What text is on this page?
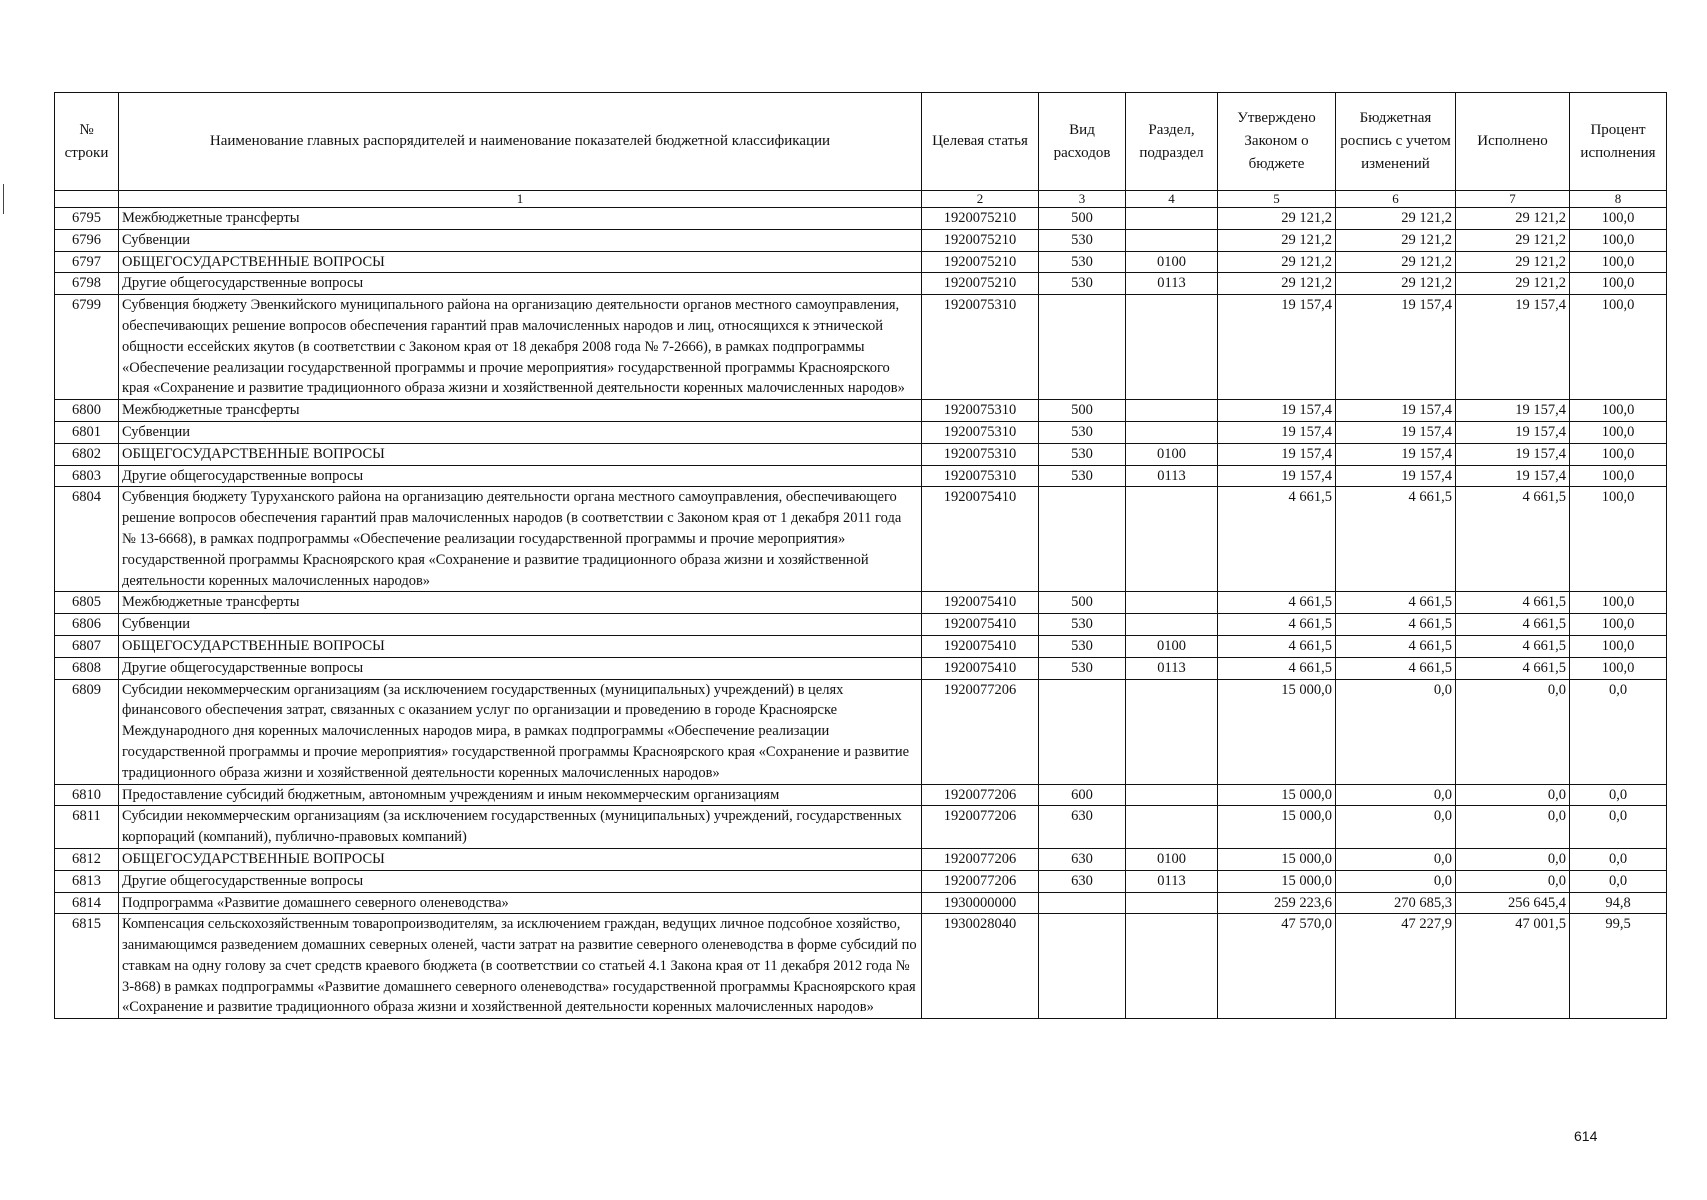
№ строки	Наименование главных распорядителей и наименование показателей бюджетной классификации	Целевая статья	Вид расходов	Раздел, подраздел	Утверждено Законом о бюджете	Бюджетная роспись с учетом изменений	Исполнено	Процент исполнения
	1	2	3	4	5	6	7	8
6795	Межбюджетные трансферты	1920075210	500		29 121,2	29 121,2	29 121,2	100,0
6796	Субвенции	1920075210	530		29 121,2	29 121,2	29 121,2	100,0
6797	ОБЩЕГОСУДАРСТВЕННЫЕ ВОПРОСЫ	1920075210	530	0100	29 121,2	29 121,2	29 121,2	100,0
6798	Другие общегосударственные вопросы	1920075210	530	0113	29 121,2	29 121,2	29 121,2	100,0
6799	Субвенция бюджету Эвенкийского муниципального района на организацию деятельности органов местного самоуправления, обеспечивающих решение вопросов обеспечения гарантий прав малочисленных народов и лиц, относящихся к этнической общности ессейских якутов (в соответствии с Законом края от 18 декабря 2008 года № 7-2666), в рамках подпрограммы «Обеспечение реализации государственной программы и прочие мероприятия» государственной программы Красноярского края «Сохранение и развитие традиционного образа жизни и хозяйственной деятельности коренных малочисленных народов»	1920075310			19 157,4	19 157,4	19 157,4	100,0
6800	Межбюджетные трансферты	1920075310	500		19 157,4	19 157,4	19 157,4	100,0
6801	Субвенции	1920075310	530		19 157,4	19 157,4	19 157,4	100,0
6802	ОБЩЕГОСУДАРСТВЕННЫЕ ВОПРОСЫ	1920075310	530	0100	19 157,4	19 157,4	19 157,4	100,0
6803	Другие общегосударственные вопросы	1920075310	530	0113	19 157,4	19 157,4	19 157,4	100,0
6804	Субвенция бюджету Туруханского района на организацию деятельности органа местного самоуправления, обеспечивающего решение вопросов обеспечения гарантий прав малочисленных народов (в соответствии с Законом края от 1 декабря 2011 года № 13-6668), в рамках подпрограммы «Обеспечение реализации государственной программы и прочие мероприятия» государственной программы Красноярского края «Сохранение и развитие традиционного образа жизни и хозяйственной деятельности коренных малочисленных народов»	1920075410			4 661,5	4 661,5	4 661,5	100,0
6805	Межбюджетные трансферты	1920075410	500		4 661,5	4 661,5	4 661,5	100,0
6806	Субвенции	1920075410	530		4 661,5	4 661,5	4 661,5	100,0
6807	ОБЩЕГОСУДАРСТВЕННЫЕ ВОПРОСЫ	1920075410	530	0100	4 661,5	4 661,5	4 661,5	100,0
6808	Другие общегосударственные вопросы	1920075410	530	0113	4 661,5	4 661,5	4 661,5	100,0
6809	Субсидии некоммерческим организациям (за исключением государственных (муниципальных) учреждений) в целях финансового обеспечения затрат, связанных с оказанием услуг по организации и проведению в городе Красноярске Международного дня коренных малочисленных народов мира, в рамках подпрограммы «Обеспечение реализации государственной программы и прочие мероприятия» государственной программы Красноярского края «Сохранение и развитие традиционного образа жизни и хозяйственной деятельности коренных малочисленных народов»	1920077206			15 000,0	0,0	0,0	0,0
6810	Предоставление субсидий бюджетным, автономным учреждениям и иным некоммерческим организациям	1920077206	600		15 000,0	0,0	0,0	0,0
6811	Субсидии некоммерческим организациям (за исключением государственных (муниципальных) учреждений, государственных корпораций (компаний), публично-правовых компаний)	1920077206	630		15 000,0	0,0	0,0	0,0
6812	ОБЩЕГОСУДАРСТВЕННЫЕ ВОПРОСЫ	1920077206	630	0100	15 000,0	0,0	0,0	0,0
6813	Другие общегосударственные вопросы	1920077206	630	0113	15 000,0	0,0	0,0	0,0
6814	Подпрограмма «Развитие домашнего северного оленеводства»	1930000000			259 223,6	270 685,3	256 645,4	94,8
6815	Компенсация сельскохозяйственным товаропроизводителям, за исключением граждан, ведущих личное подсобное хозяйство, занимающимся разведением домашних северных оленей, части затрат на развитие северного оленеводства в форме субсидий по ставкам на одну голову за счет средств краевого бюджета (в соответствии со статьей 4.1 Закона края от 11 декабря 2012 года № 3-868) в рамках подпрограммы «Развитие домашнего северного оленеводства» государственной программы Красноярского края «Сохранение и развитие традиционного образа жизни и хозяйственной деятельности коренных малочисленных народов»	1930028040			47 570,0	47 227,9	47 001,5	99,5
614
